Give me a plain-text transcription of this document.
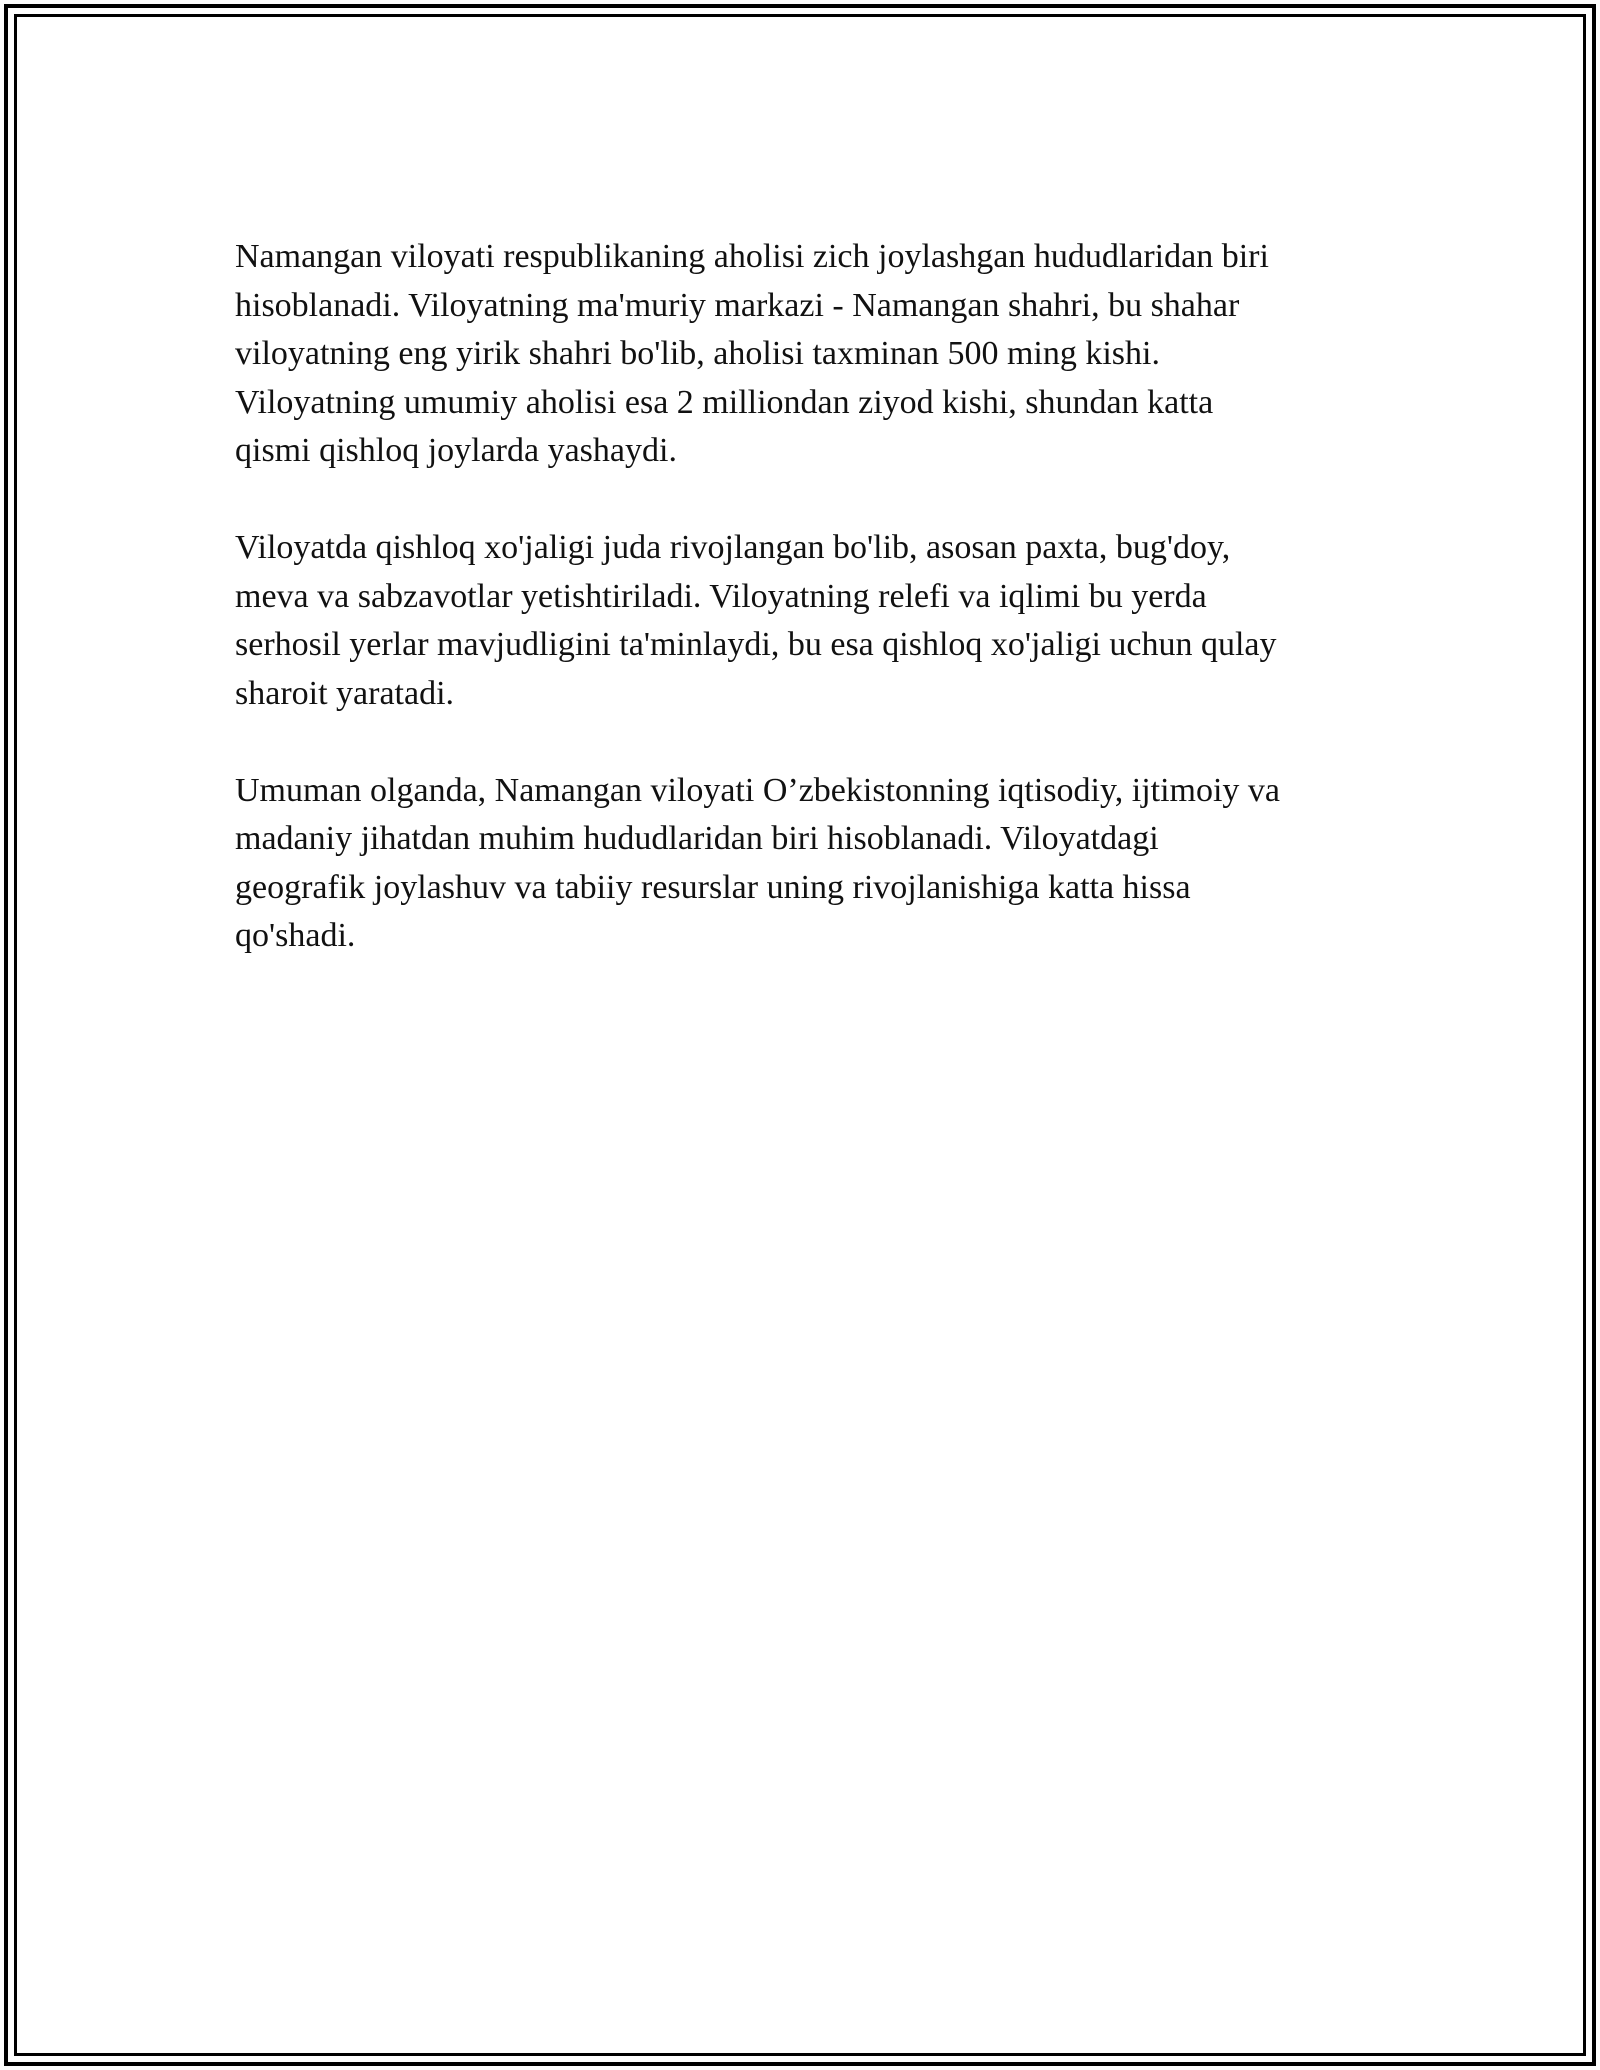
Namangan viloyati respublikaning aholisi zich joylashgan hududlaridan biri
hisoblanadi. Viloyatning ma'muriy markazi - Namangan shahri, bu shahar
viloyatning eng yirik shahri bo'lib, aholisi taxminan 500 ming kishi.
Viloyatning umumiy aholisi esa 2 milliondan ziyod kishi, shundan katta
qismi qishloq joylarda yashaydi.

Viloyatda qishloq xo'jaligi juda rivojlangan bo'lib, asosan paxta, bug'doy,
meva va sabzavotlar yetishtiriladi. Viloyatning relefi va iqlimi bu yerda
serhosil yerlar mavjudligini ta'minlaydi, bu esa qishloq xo'jaligi uchun qulay
sharoit yaratadi.

Umuman olganda, Namangan viloyati O’zbekistonning iqtisodiy, ijtimoiy va
madaniy jihatdan muhim hududlaridan biri hisoblanadi. Viloyatdagi
geografik joylashuv va tabiiy resurslar uning rivojlanishiga katta hissa
qo'shadi.
